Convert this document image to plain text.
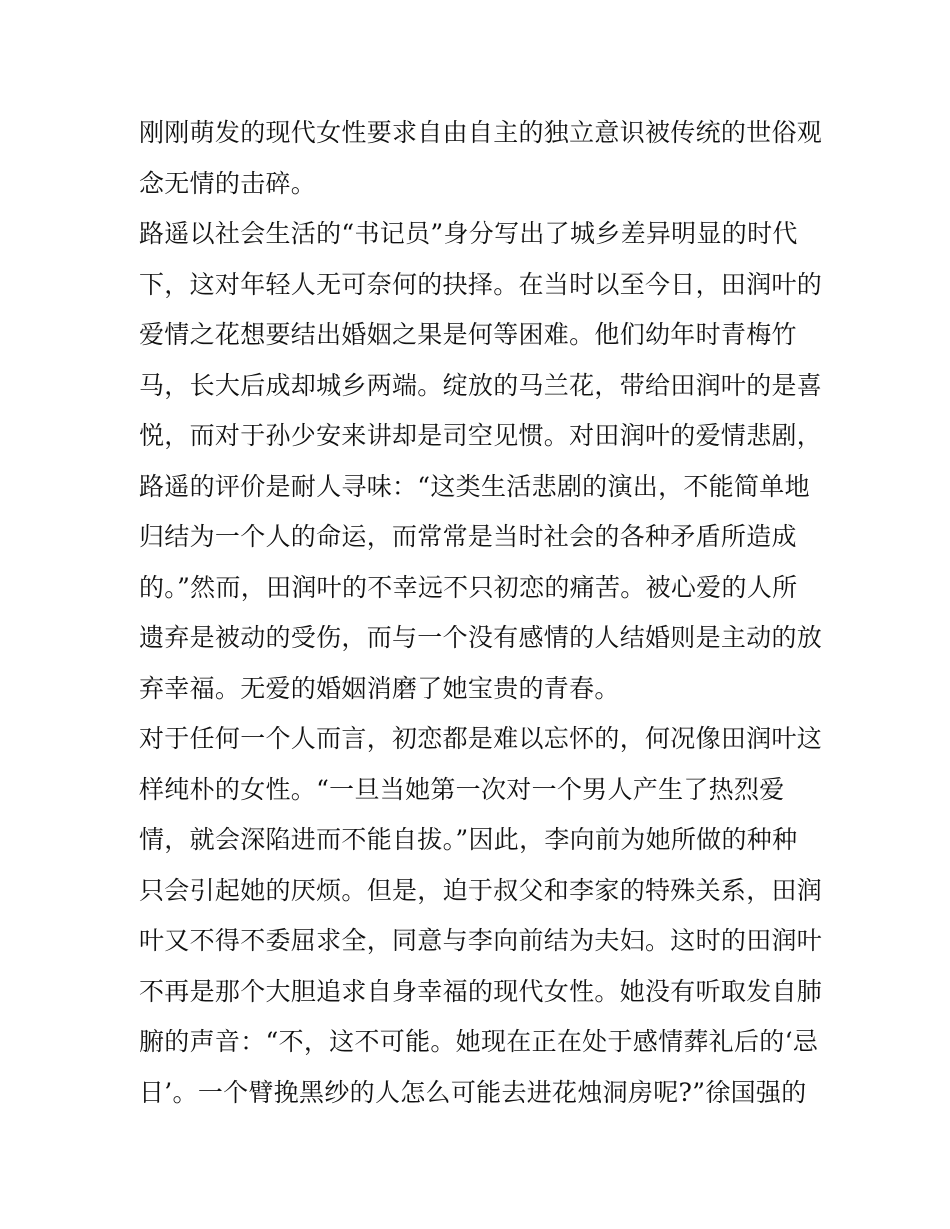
刚刚萌发的现代女性要求自由自主的独立意识被传统的世俗观
念无情的击碎。
路遥以社会生活的“书记员”身分写出了城乡差异明显的时代
下，这对年轻人无可奈何的抉择。在当时以至今日，田润叶的
爱情之花想要结出婚姻之果是何等困难。他们幼年时青梅竹
马，长大后成却城乡两端。绽放的马兰花，带给田润叶的是喜
悦，而对于孙少安来讲却是司空见惯。对田润叶的爱情悲剧，
路遥的评价是耐人寻味：“这类生活悲剧的演出，不能简单地
归结为一个人的命运，而常常是当时社会的各种矛盾所造成
的。”然而，田润叶的不幸远不只初恋的痛苦。被心爱的人所
遗弃是被动的受伤，而与一个没有感情的人结婚则是主动的放
弃幸福。无爱的婚姻消磨了她宝贵的青春。
对于任何一个人而言，初恋都是难以忘怀的，何况像田润叶这
样纯朴的女性。“一旦当她第一次对一个男人产生了热烈爱
情，就会深陷进而不能自拔。”因此，李向前为她所做的种种
只会引起她的厌烦。但是，迫于叔父和李家的特殊关系，田润
叶又不得不委屈求全，同意与李向前结为夫妇。这时的田润叶
不再是那个大胆追求自身幸福的现代女性。她没有听取发自肺
腑的声音：“不，这不可能。她现在正在处于感情葬礼后的‘忌
日’。一个臂挽黑纱的人怎么可能去进花烛洞房呢?”徐国强的
